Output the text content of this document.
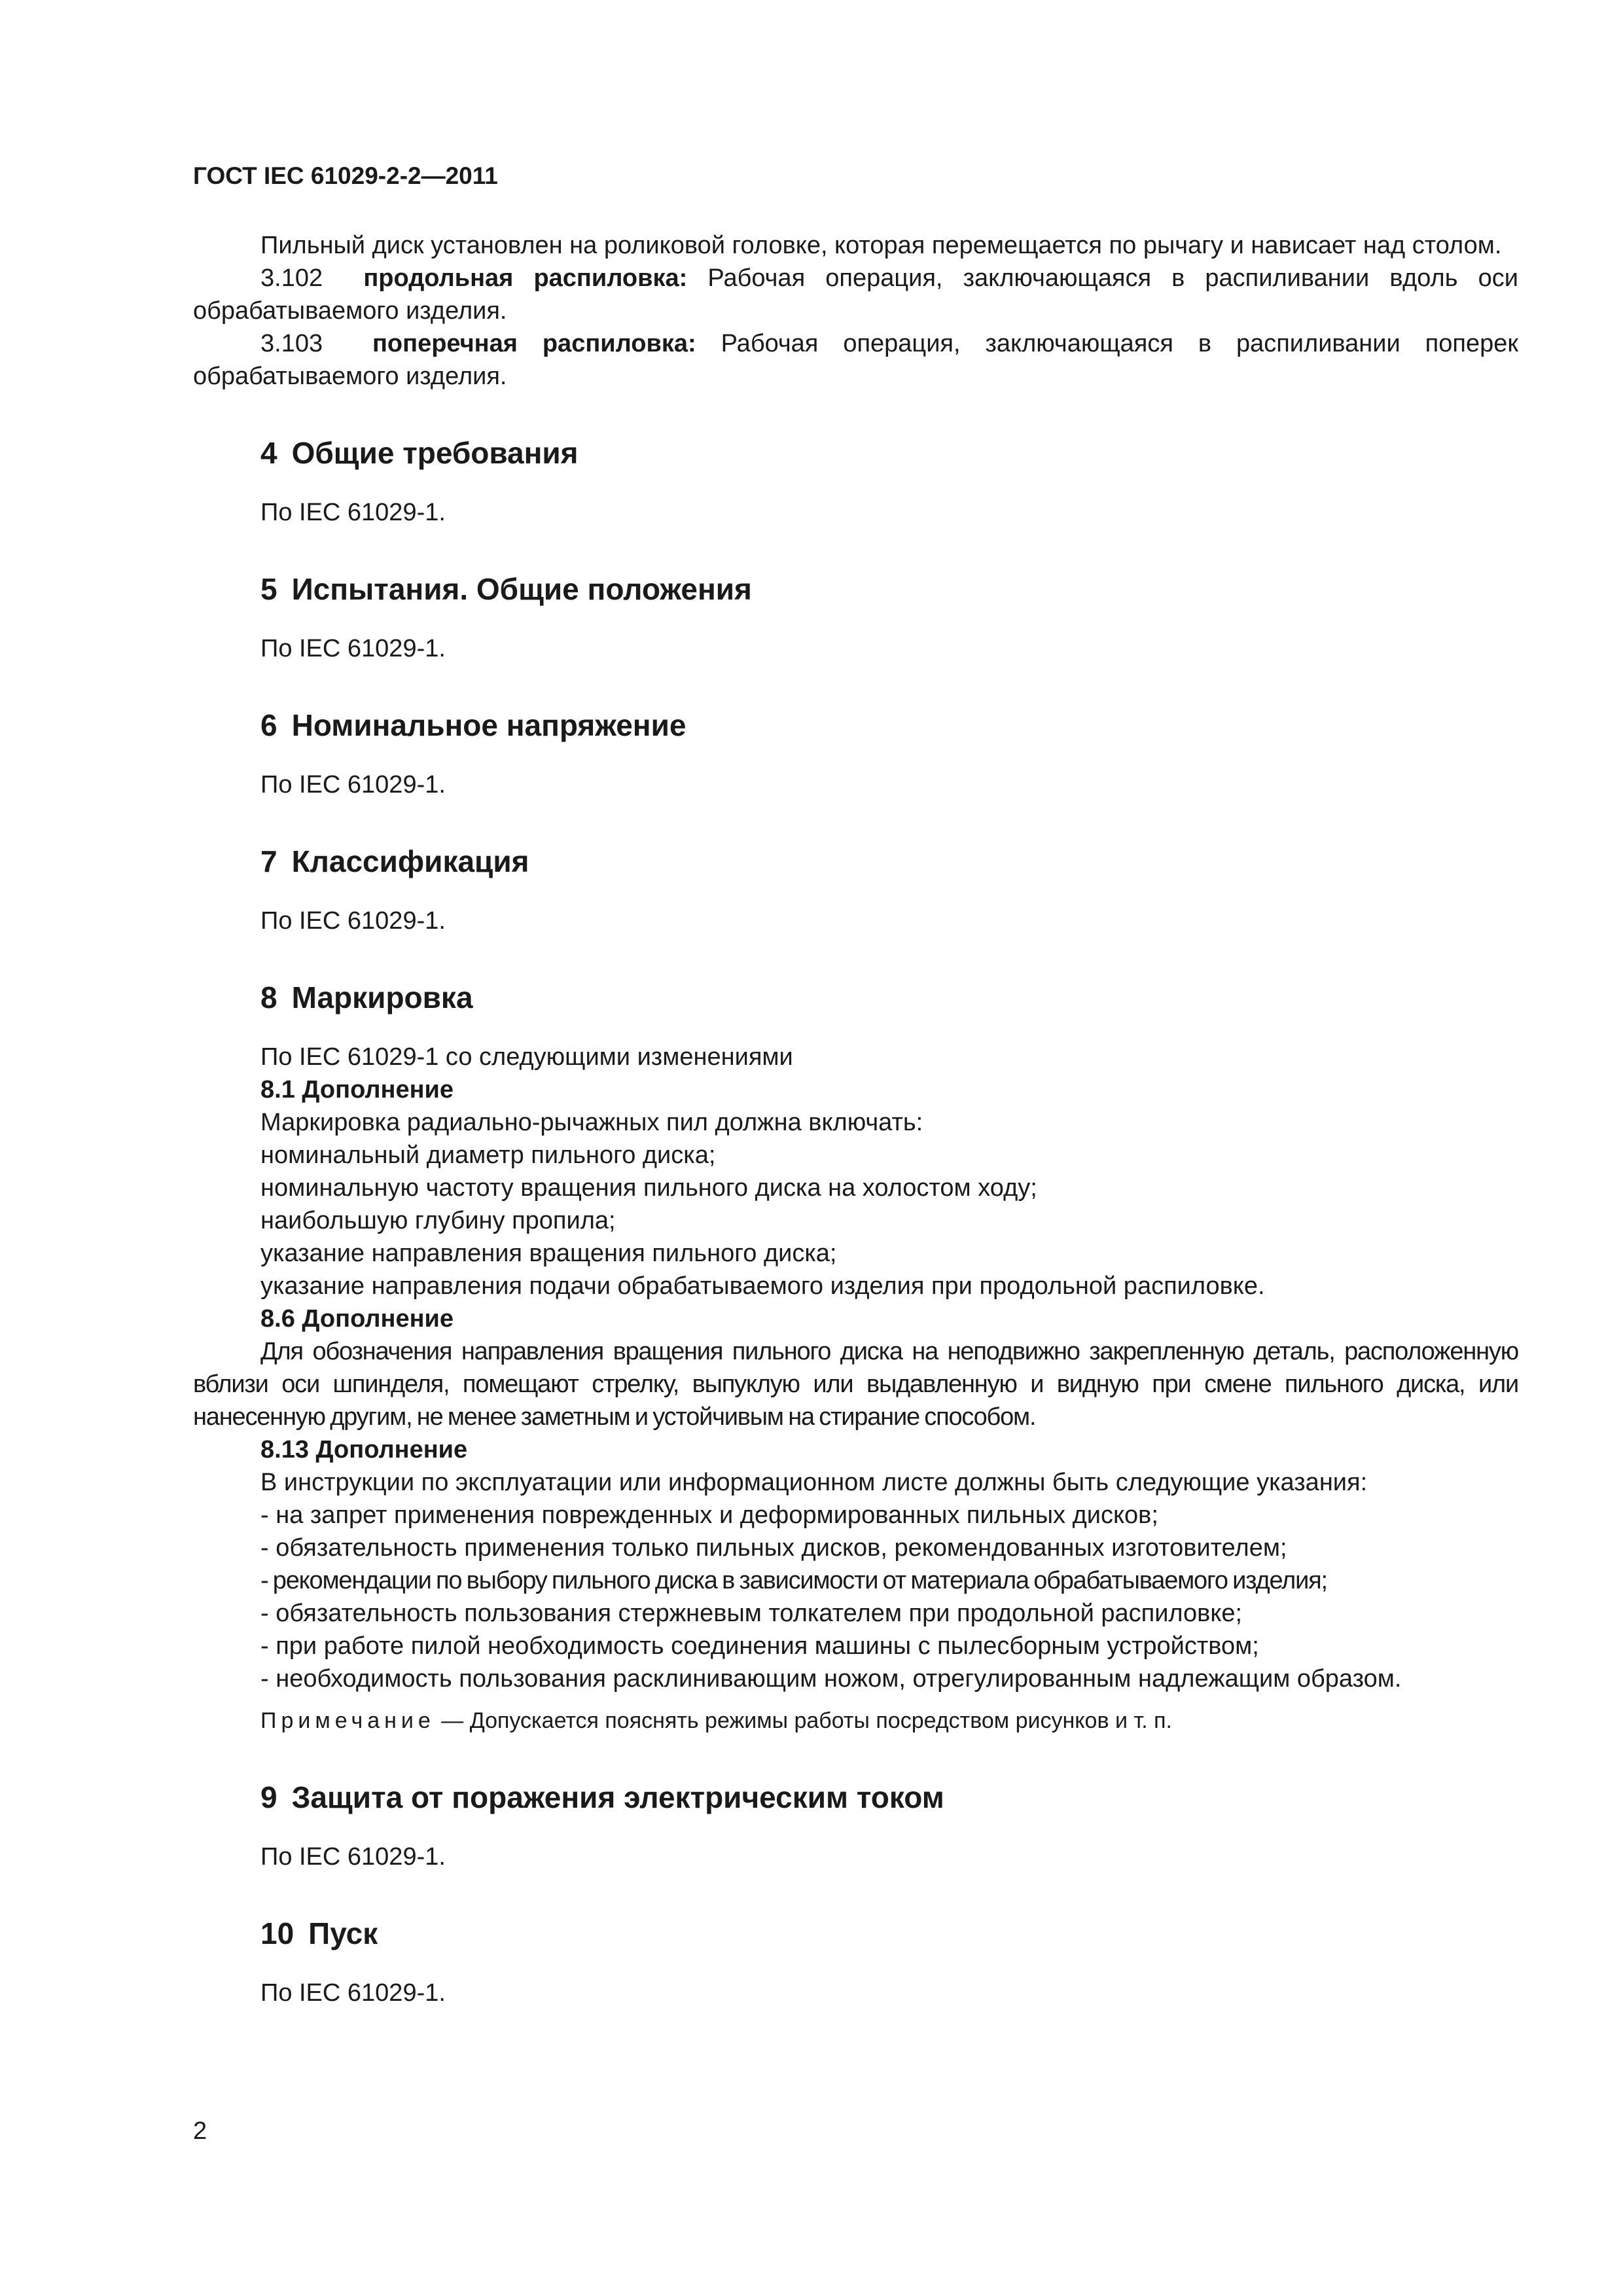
ГОСТ IEC 61029-2-2—2011

Пильный диск установлен на роликовой головке, которая перемещается по рычагу и нависает над столом.

3.102 продольная распиловка: Рабочая операция, заключающаяся в распиливании вдоль оси обрабатываемого изделия.

3.103 поперечная распиловка: Рабочая операция, заключающаяся в распиливании поперек обрабатываемого изделия.

4 Общие требования

По IEC 61029-1.

5 Испытания. Общие положения

По IEC 61029-1.

6 Номинальное напряжение

По IEC 61029-1.

7 Классификация

По IEC 61029-1.

8 Маркировка

По IEC 61029-1 со следующими изменениями

8.1 Дополнение

Маркировка радиально-рычажных пил должна включать:

номинальный диаметр пильного диска;

номинальную частоту вращения пильного диска на холостом ходу;

наибольшую глубину пропила;

указание направления вращения пильного диска;

указание направления подачи обрабатываемого изделия при продольной распиловке.

8.6 Дополнение

Для обозначения направления вращения пильного диска на неподвижно закрепленную деталь, расположенную вблизи оси шпинделя, помещают стрелку, выпуклую или выдавленную и видную при смене пильного диска, или нанесенную другим, не менее заметным и устойчивым на стирание способом.

8.13 Дополнение

В инструкции по эксплуатации или информационном листе должны быть следующие указания:

- на запрет применения поврежденных и деформированных пильных дисков;

- обязательность применения только пильных дисков, рекомендованных изготовителем;

- рекомендации по выбору пильного диска в зависимости от материала обрабатываемого изделия;

- обязательность пользования стержневым толкателем при продольной распиловке;

- при работе пилой необходимость соединения машины с пылесборным устройством;

- необходимость пользования расклинивающим ножом, отрегулированным надлежащим образом.

Примечание — Допускается пояснять режимы работы посредством рисунков и т. п.

9 Защита от поражения электрическим током

По IEC 61029-1.

10 Пуск

По IEC 61029-1.

2
